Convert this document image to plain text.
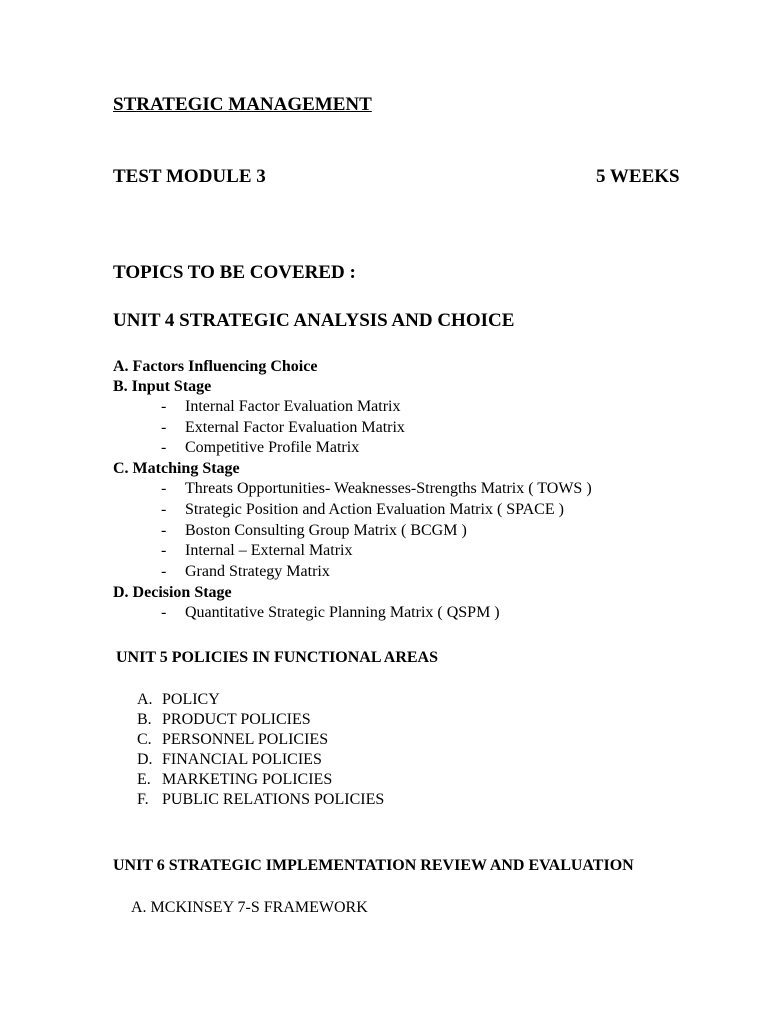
STRATEGIC MANAGEMENT
TEST MODULE 3	5 WEEKS
TOPICS TO BE COVERED :
UNIT 4 STRATEGIC ANALYSIS AND CHOICE
A. Factors Influencing Choice
B. Input Stage
- Internal Factor Evaluation Matrix
- External Factor Evaluation Matrix
- Competitive Profile Matrix
C. Matching Stage
- Threats Opportunities- Weaknesses-Strengths Matrix ( TOWS )
- Strategic Position and Action Evaluation Matrix ( SPACE )
- Boston Consulting Group Matrix ( BCGM )
- Internal – External Matrix
- Grand Strategy Matrix
D. Decision Stage
- Quantitative Strategic Planning Matrix ( QSPM )
UNIT 5 POLICIES IN FUNCTIONAL AREAS
A. POLICY
B. PRODUCT POLICIES
C. PERSONNEL POLICIES
D. FINANCIAL POLICIES
E. MARKETING POLICIES
F. PUBLIC RELATIONS POLICIES
UNIT 6 STRATEGIC IMPLEMENTATION REVIEW AND EVALUATION
A. MCKINSEY 7-S FRAMEWORK
